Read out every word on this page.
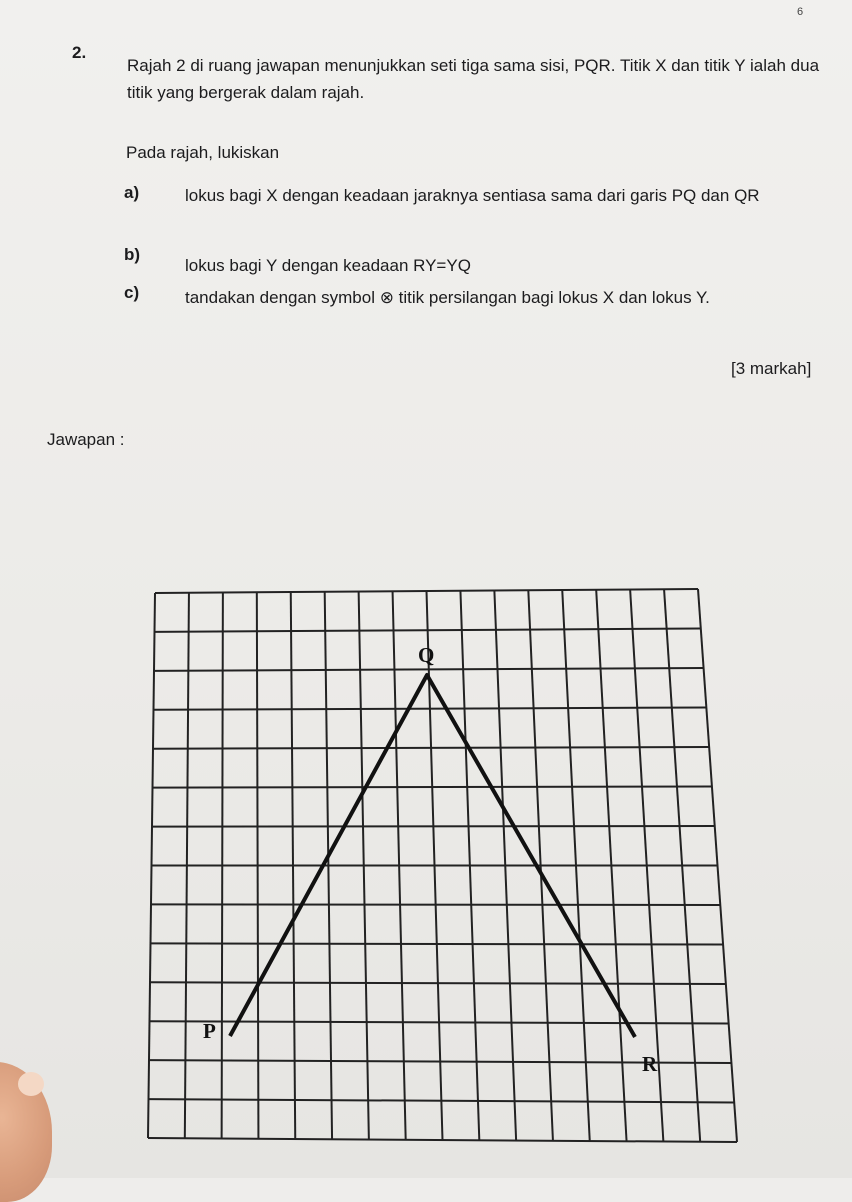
6
2.
Rajah 2 di ruang jawapan menunjukkan seti tiga sama sisi, PQR. Titik X dan titik Y ialah dua titik yang bergerak dalam rajah.
Pada rajah, lukiskan
a)	lokus bagi X dengan keadaan jaraknya sentiasa sama dari garis PQ dan QR
b)
lokus bagi Y dengan keadaan RY=YQ
c)	tandakan dengan symbol ⊗ titik persilangan bagi lokus X dan lokus Y.
[3 markah]
Jawapan :
Q
P
R
